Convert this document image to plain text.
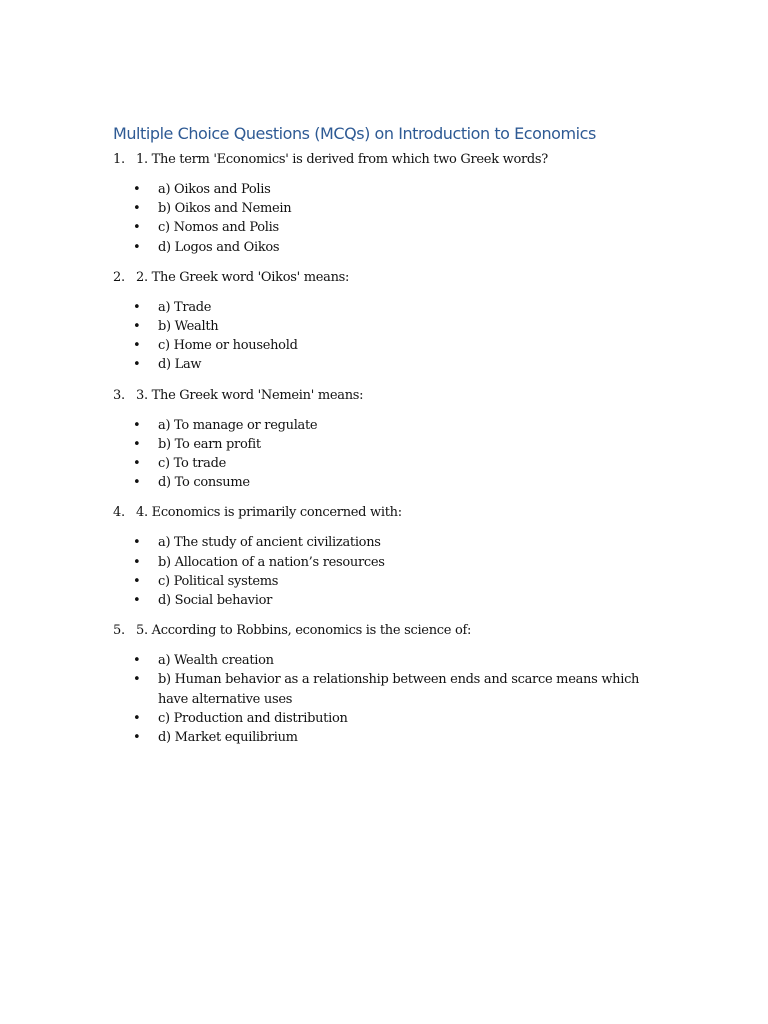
Multiple Choice Questions (MCQs) on Introduction to Economics
1. 1. The term 'Economics' is derived from which two Greek words?
• a) Oikos and Polis
• b) Oikos and Nemein
• c) Nomos and Polis
• d) Logos and Oikos
2. 2. The Greek word 'Oikos' means:
• a) Trade
• b) Wealth
• c) Home or household
• d) Law
3. 3. The Greek word 'Nemein' means:
• a) To manage or regulate
• b) To earn profit
• c) To trade
• d) To consume
4. 4. Economics is primarily concerned with:
• a) The study of ancient civilizations
• b) Allocation of a nation’s resources
• c) Political systems
• d) Social behavior
5. 5. According to Robbins, economics is the science of:
• a) Wealth creation
• b) Human behavior as a relationship between ends and scarce means which have alternative uses
• c) Production and distribution
• d) Market equilibrium
